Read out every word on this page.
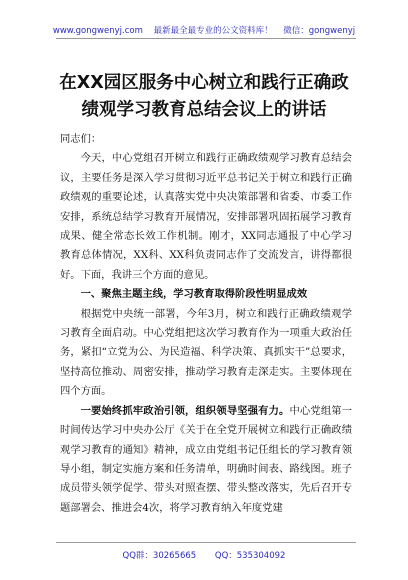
www.gongwenyj.com 最新最全最专业的公文资料库！ 微信：gongwenyj
在XX园区服务中心树立和践行正确政绩观学习教育总结会议上的讲话

同志们：

今天，中心党组召开树立和践行正确政绩观学习教育总结会议，主要任务是深入学习贯彻习近平总书记关于树立和践行正确政绩观的重要论述，认真落实党中央决策部署和省委、市委工作安排，系统总结学习教育开展情况，安排部署巩固拓展学习教育成果、健全常态长效工作机制。刚才，XX同志通报了中心学习教育总体情况，XX科、XX科负责同志作了交流发言，讲得都很好。下面，我讲三个方面的意见。

一、聚焦主题主线，学习教育取得阶段性明显成效

根据党中央统一部署，今年3月，树立和践行正确政绩观学习教育全面启动。中心党组把这次学习教育作为一项重大政治任务，紧扣“立党为公、为民造福、科学决策、真抓实干”总要求，坚持高位推动、周密安排，推动学习教育走深走实。主要体现在四个方面。

一要始终抓牢政治引领，组织领导坚强有力。中心党组第一时间传达学习中央办公厅《关于在全党开展树立和践行正确政绩观学习教育的通知》精神，成立由党组书记任组长的学习教育领导小组，制定实施方案和任务清单，明确时间表、路线图。班子成员带头领学促学、带头对照查摆、带头整改落实，先后召开专题部署会、推进会4次，将学习教育纳入年度党建

QQ群：30265665 QQ：535304092
